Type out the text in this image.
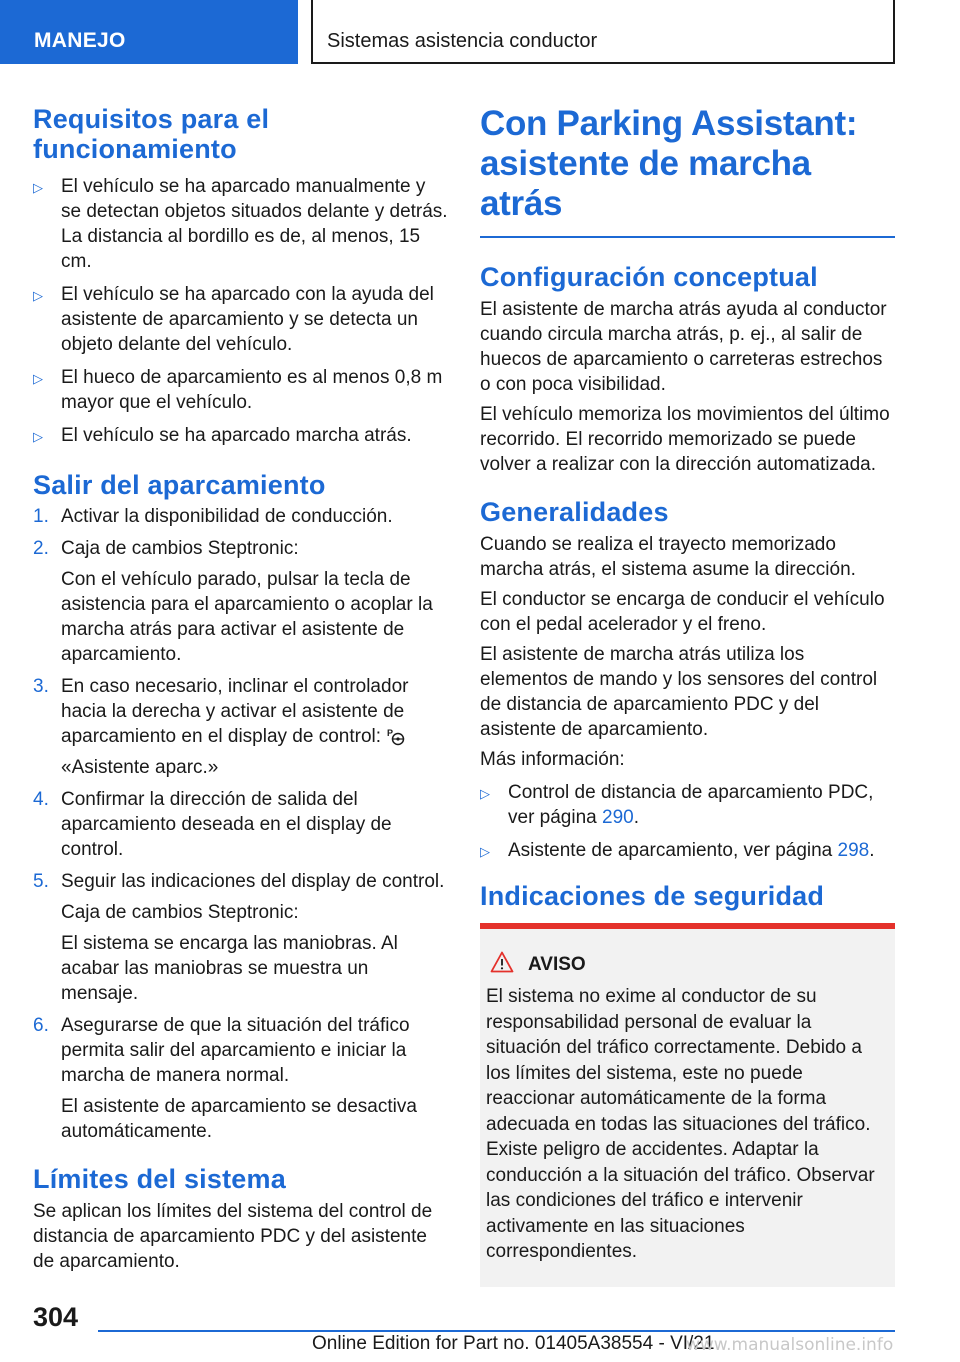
MANEJO	Sistemas asistencia conductor
Requisitos para el funcionamiento
▷ El vehículo se ha aparcado manualmente y se detectan objetos situados delante y detrás. La distancia al bordillo es de, al menos, 15 cm.
▷ El vehículo se ha aparcado con la ayuda del asistente de aparcamiento y se detecta un objeto delante del vehículo.
▷ El hueco de aparcamiento es al menos 0,8 m mayor que el vehículo.
▷ El vehículo se ha aparcado marcha atrás.
Salir del aparcamiento
1. Activar la disponibilidad de conducción.
2. Caja de cambios Steptronic:
Con el vehículo parado, pulsar la tecla de asistencia para el aparcamiento o acoplar la marcha atrás para activar el asistente de aparcamiento.
3. En caso necesario, inclinar el controlador hacia la derecha y activar el asistente de aparcamiento en el display de control: P
«Asistente aparc.»
4. Confirmar la dirección de salida del aparcamiento deseada en el display de control.
5. Seguir las indicaciones del display de control.
Caja de cambios Steptronic:
El sistema se encarga las maniobras. Al acabar las maniobras se muestra un mensaje.
6. Asegurarse de que la situación del tráfico permita salir del aparcamiento e iniciar la marcha de manera normal.
El asistente de aparcamiento se desactiva automáticamente.
Límites del sistema

Se aplican los límites del sistema del control de distancia de aparcamiento PDC y del asistente de aparcamiento.

Con Parking Assistant: asistente de marcha atrás
Configuración conceptual

El asistente de marcha atrás ayuda al conductor cuando circula marcha atrás, p. ej., al salir de huecos de aparcamiento o carreteras estrechos o con poca visibilidad.

El vehículo memoriza los movimientos del último recorrido. El recorrido memorizado se puede volver a realizar con la dirección automatizada.

Generalidades

Cuando se realiza el trayecto memorizado marcha atrás, el sistema asume la dirección.

El conductor se encarga de conducir el vehículo con el pedal acelerador y el freno.

El asistente de marcha atrás utiliza los elementos de mando y los sensores del control de distancia de aparcamiento PDC y del asistente de aparcamiento.

Más información:

▷ Control de distancia de aparcamiento PDC, ver página 290.
▷ Asistente de aparcamiento, ver página 298.
Indicaciones de seguridad
AVISO

El sistema no exime al conductor de su responsabilidad personal de evaluar la situación del tráfico correctamente. Debido a los límites del sistema, este no puede reaccionar automáticamente de la forma adecuada en todas las situaciones del tráfico. Existe peligro de accidentes. Adaptar la conducción a la situación del tráfico. Observar las condiciones del tráfico e intervenir activamente en las situaciones correspondientes.

304
Online Edition for Part no. 01405A38554 - VI/21
www.manualsonline.info
